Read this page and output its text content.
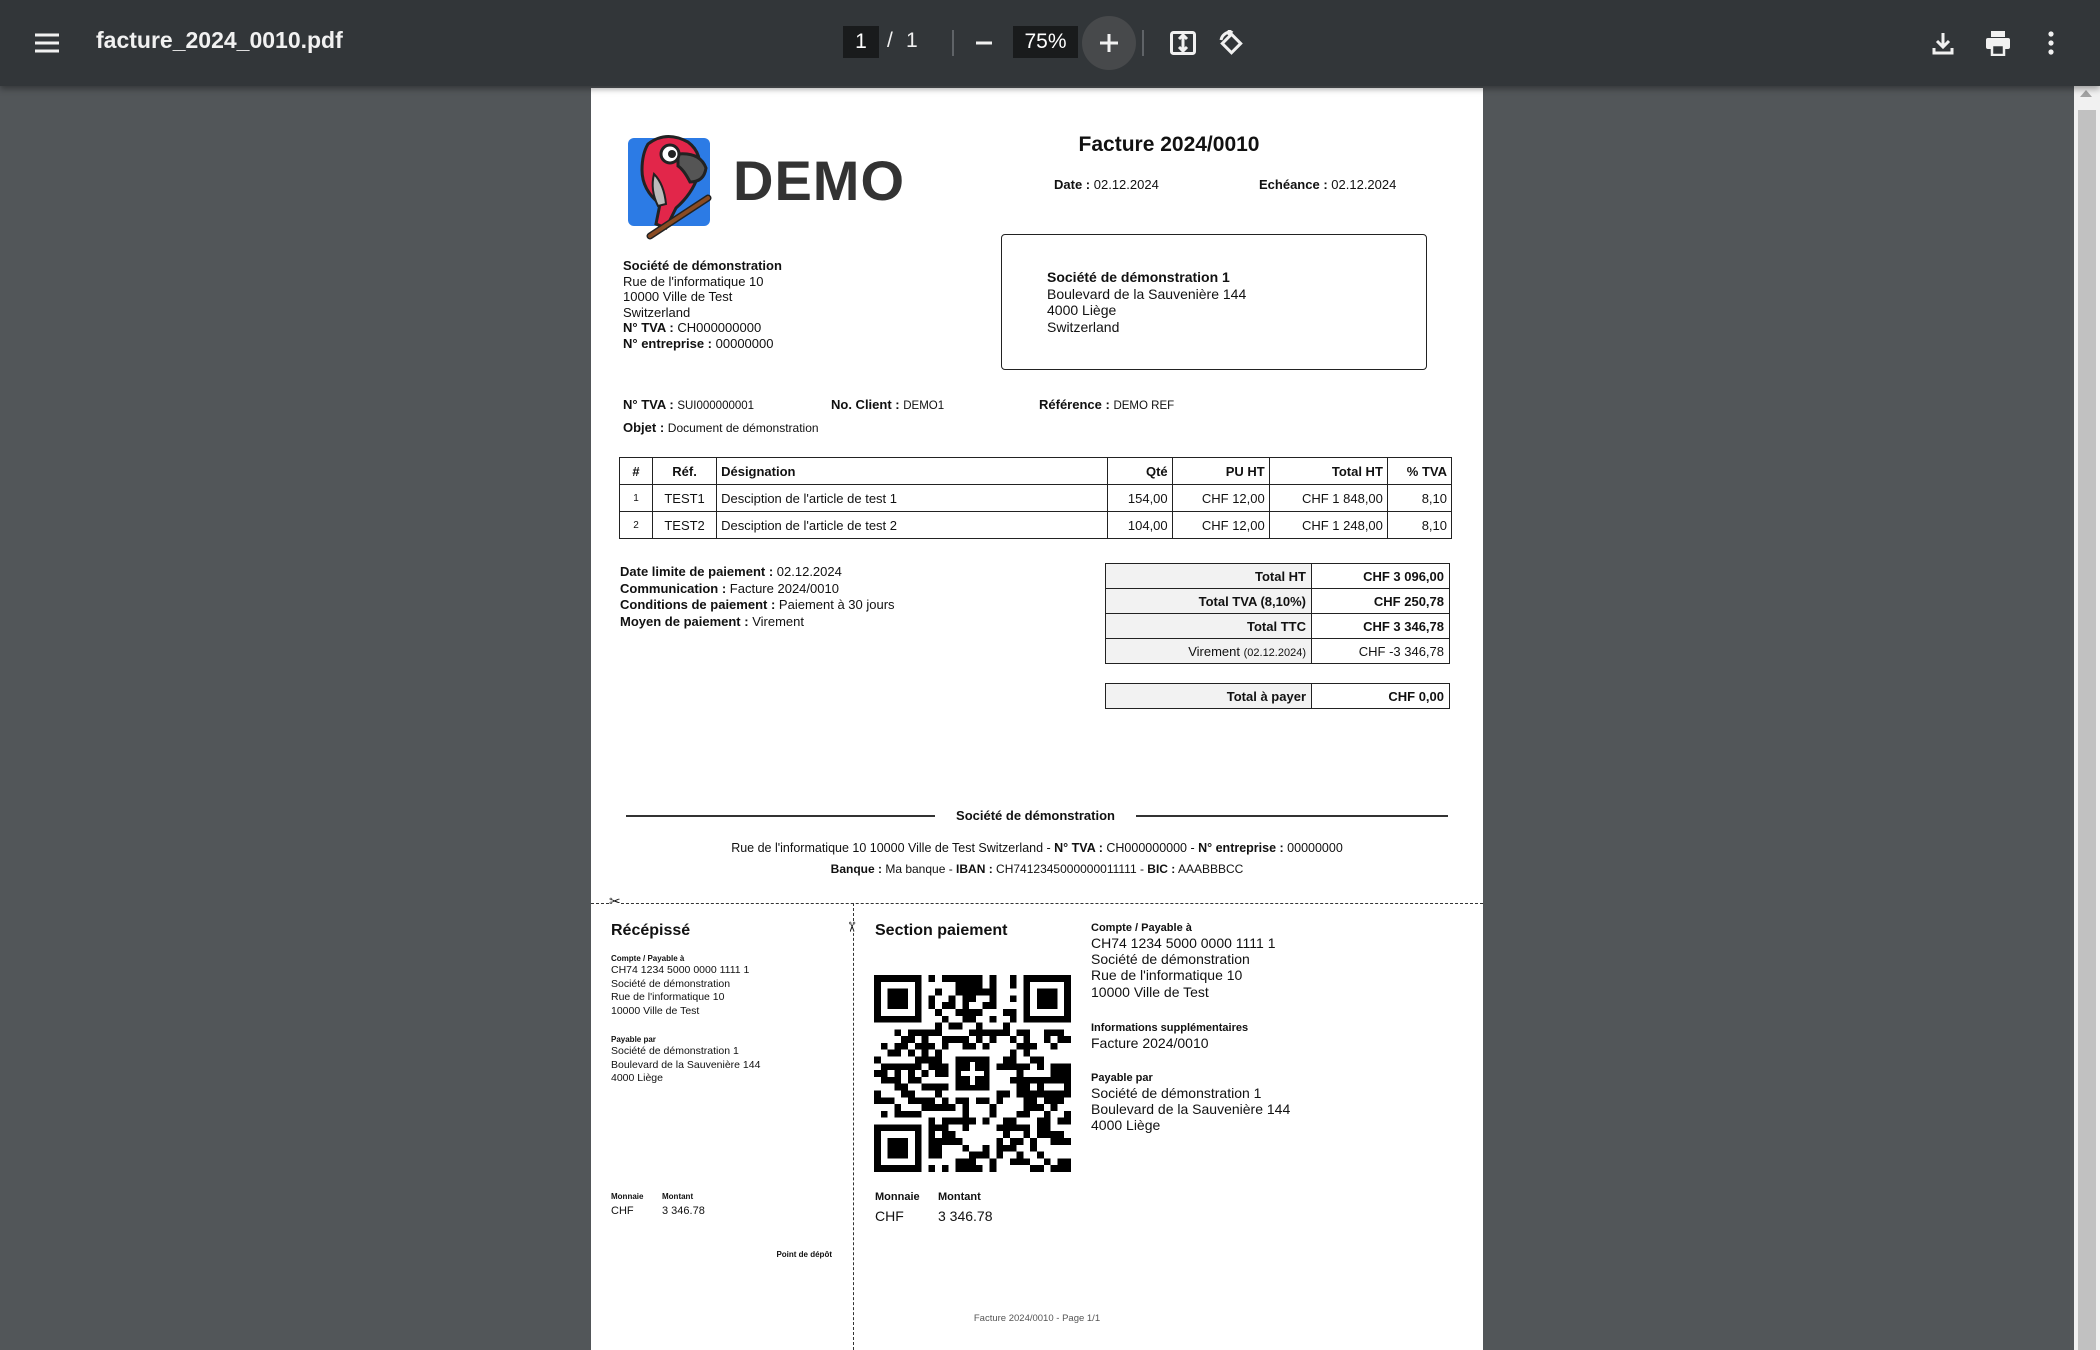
facture_2024_0010.pdf	1 / 1	75%
DEMO
Facture 2024/0010
Date : 02.12.2024	Echéance : 02.12.2024
Société de démonstration
Rue de l'informatique 10
10000 Ville de Test
Switzerland
N° TVA : CH000000000
N° entreprise : 00000000
Société de démonstration 1
Boulevard de la Sauvenière 144
4000 Liège
Switzerland
N° TVA : SUI000000001	No. Client : DEMO1	Référence : DEMO REF
Objet : Document de démonstration
#	Réf.	Désignation	Qté	PU HT	Total HT	% TVA
1	TEST1	Desciption de l'article de test 1	154,00	CHF 12,00	CHF 1 848,00	8,10
2	TEST2	Desciption de l'article de test 2	104,00	CHF 12,00	CHF 1 248,00	8,10
Date limite de paiement : 02.12.2024
Communication : Facture 2024/0010
Conditions de paiement : Paiement à 30 jours
Moyen de paiement : Virement
Total HT	CHF 3 096,00
Total TVA (8,10%)	CHF 250,78
Total TTC	CHF 3 346,78
Virement (02.12.2024)	CHF -3 346,78
Total à payer	CHF 0,00
Société de démonstration
Rue de l'informatique 10 10000 Ville de Test Switzerland - N° TVA : CH000000000 - N° entreprise : 00000000
Banque : Ma banque - IBAN : CH7412345000000011111 - BIC : AAABBBCC
✂
✂
Récépissé
Compte / Payable à
CH74 1234 5000 0000 1111 1
Société de démonstration
Rue de l'informatique 10
10000 Ville de Test
Payable par
Société de démonstration 1
Boulevard de la Sauvenière 144
4000 Liège
Monnaie Montant
CHF	3 346.78
Point de dépôt
Section paiement	Compte / Payable à
CH74 1234 5000 0000 1111 1
Société de démonstration
Rue de l'informatique 10
10000 Ville de Test
Informations supplémentaires
Facture 2024/0010
Payable par
Société de démonstration 1
Boulevard de la Sauvenière 144
4000 Liège
Monnaie Montant
CHF 3 346.78
Facture 2024/0010 - Page 1/1
